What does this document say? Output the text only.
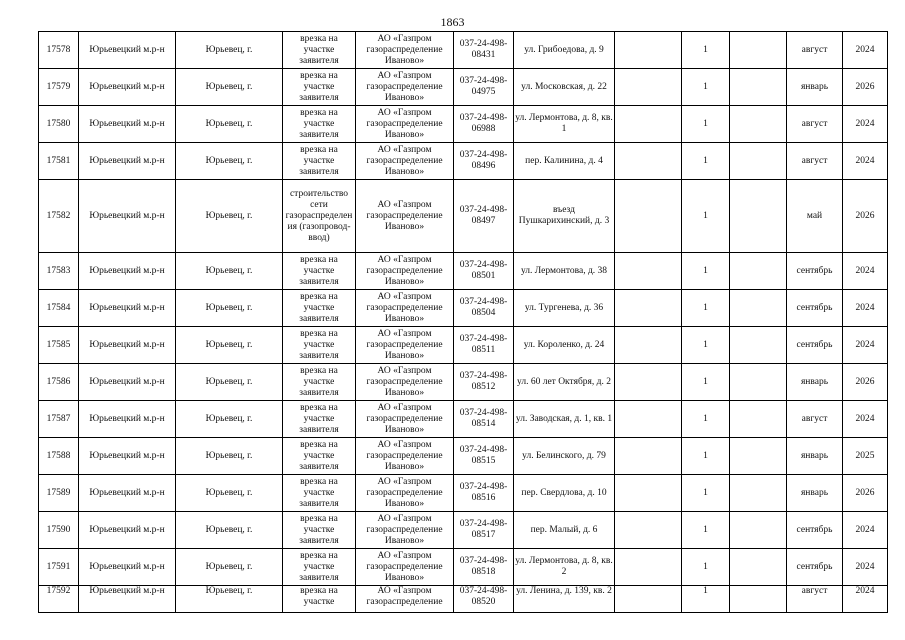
1863
17578	Юрьевецкий м.р-н	Юрьевец, г.	врезка на участке заявителя	АО «Газпром газораспределение Иваново»	037-24-498-08431	ул. Грибоедова, д. 9		1		август	2024
17579	Юрьевецкий м.р-н	Юрьевец, г.	врезка на участке заявителя	АО «Газпром газораспределение Иваново»	037-24-498-04975	ул. Московская, д. 22		1		январь	2026
17580	Юрьевецкий м.р-н	Юрьевец, г.	врезка на участке заявителя	АО «Газпром газораспределение Иваново»	037-24-498-06988	ул. Лермонтова, д. 8, кв. 1		1		август	2024
17581	Юрьевецкий м.р-н	Юрьевец, г.	врезка на участке заявителя	АО «Газпром газораспределение Иваново»	037-24-498-08496	пер. Калинина, д. 4		1		август	2024
17582	Юрьевецкий м.р-н	Юрьевец, г.	строительство сети газораспределения (газопровод-ввод)	АО «Газпром газораспределение Иваново»	037-24-498-08497	въезд Пушкарихинский, д. 3		1		май	2026
17583	Юрьевецкий м.р-н	Юрьевец, г.	врезка на участке заявителя	АО «Газпром газораспределение Иваново»	037-24-498-08501	ул. Лермонтова, д. 38		1		сентябрь	2024
17584	Юрьевецкий м.р-н	Юрьевец, г.	врезка на участке заявителя	АО «Газпром газораспределение Иваново»	037-24-498-08504	ул. Тургенева, д. 36		1		сентябрь	2024
17585	Юрьевецкий м.р-н	Юрьевец, г.	врезка на участке заявителя	АО «Газпром газораспределение Иваново»	037-24-498-08511	ул. Короленко, д. 24		1		сентябрь	2024
17586	Юрьевецкий м.р-н	Юрьевец, г.	врезка на участке заявителя	АО «Газпром газораспределение Иваново»	037-24-498-08512	ул. 60 лет Октября, д. 2		1		январь	2026
17587	Юрьевецкий м.р-н	Юрьевец, г.	врезка на участке заявителя	АО «Газпром газораспределение Иваново»	037-24-498-08514	ул. Заводская, д. 1, кв. 1		1		август	2024
17588	Юрьевецкий м.р-н	Юрьевец, г.	врезка на участке заявителя	АО «Газпром газораспределение Иваново»	037-24-498-08515	ул. Белинского, д. 79		1		январь	2025
17589	Юрьевецкий м.р-н	Юрьевец, г.	врезка на участке заявителя	АО «Газпром газораспределение Иваново»	037-24-498-08516	пер. Свердлова, д. 10		1		январь	2026
17590	Юрьевецкий м.р-н	Юрьевец, г.	врезка на участке заявителя	АО «Газпром газораспределение Иваново»	037-24-498-08517	пер. Малый, д. 6		1		сентябрь	2024
17591	Юрьевецкий м.р-н	Юрьевец, г.	врезка на участке заявителя	АО «Газпром газораспределение Иваново»	037-24-498-08518	ул. Лермонтова, д. 8, кв. 2		1		сентябрь	2024
17592	Юрьевецкий м.р-н	Юрьевец, г.	врезка на участке	АО «Газпром газораспределение	037-24-498-08520	ул. Ленина, д. 139, кв. 2		1		август	2024
